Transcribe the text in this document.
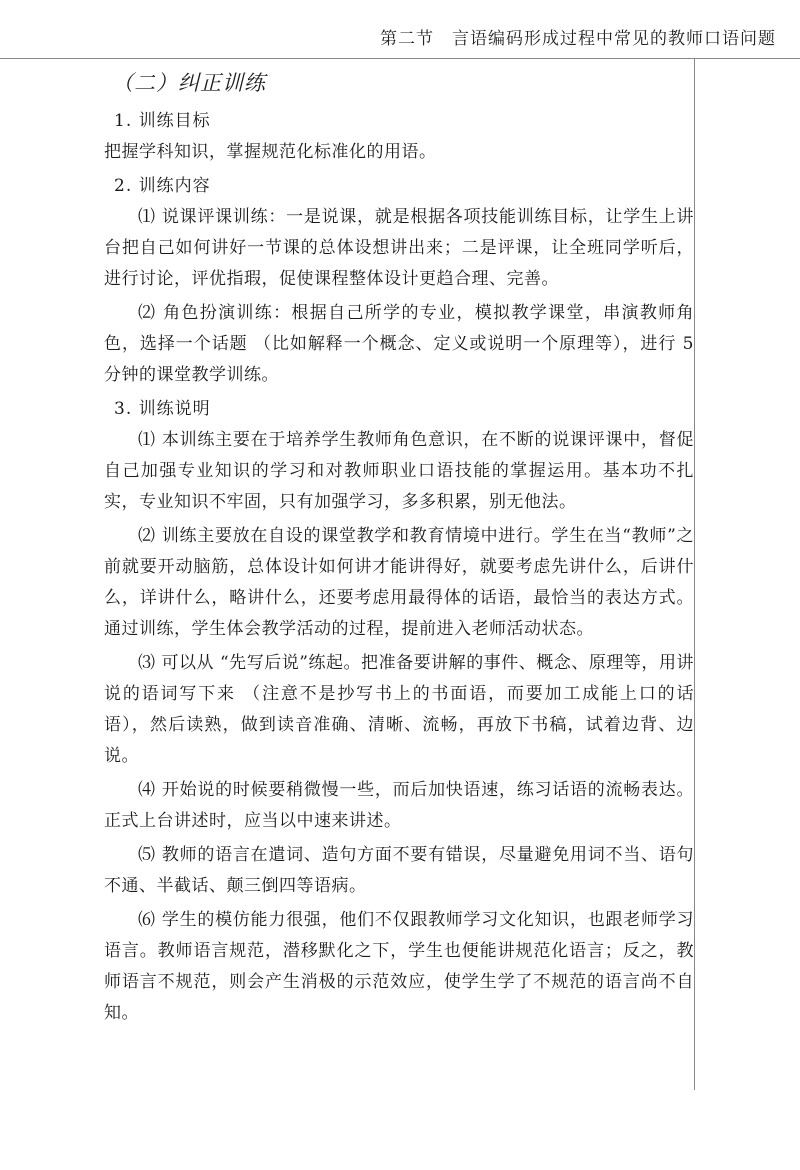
第二节　言语编码形成过程中常见的教师口语问题
（二）纠正训练
1. 训练目标

把握学科知识，掌握规范化标准化的用语。

2. 训练内容

⑴ 说课评课训练：一是说课，就是根据各项技能训练目标，让学生上讲台把自己如何讲好一节课的总体设想讲出来；二是评课，让全班同学听后，进行讨论，评优指瑕，促使课程整体设计更趋合理、完善。

⑵ 角色扮演训练：根据自己所学的专业，模拟教学课堂，串演教师角色，选择一个话题 （比如解释一个概念、定义或说明一个原理等），进行 5分钟的课堂教学训练。

3. 训练说明

⑴ 本训练主要在于培养学生教师角色意识，在不断的说课评课中，督促自己加强专业知识的学习和对教师职业口语技能的掌握运用。基本功不扎实，专业知识不牢固，只有加强学习，多多积累，别无他法。

⑵ 训练主要放在自设的课堂教学和教育情境中进行。学生在当“教师”之前就要开动脑筋，总体设计如何讲才能讲得好，就要考虑先讲什么，后讲什么，详讲什么，略讲什么，还要考虑用最得体的话语，最恰当的表达方式。通过训练，学生体会教学活动的过程，提前进入老师活动状态。

⑶ 可以从 “先写后说”练起。把准备要讲解的事件、概念、原理等，用讲说的语词写下来 （注意不是抄写书上的书面语，而要加工成能上口的话语），然后读熟，做到读音准确、清晰、流畅，再放下书稿，试着边背、边说。

⑷ 开始说的时候要稍微慢一些，而后加快语速，练习话语的流畅表达。正式上台讲述时，应当以中速来讲述。

⑸ 教师的语言在遣词、造句方面不要有错误，尽量避免用词不当、语句不通、半截话、颠三倒四等语病。

⑹ 学生的模仿能力很强，他们不仅跟教师学习文化知识，也跟老师学习语言。教师语言规范，潜移默化之下，学生也便能讲规范化语言；反之，教师语言不规范，则会产生消极的示范效应，使学生学了不规范的语言尚不自知。
